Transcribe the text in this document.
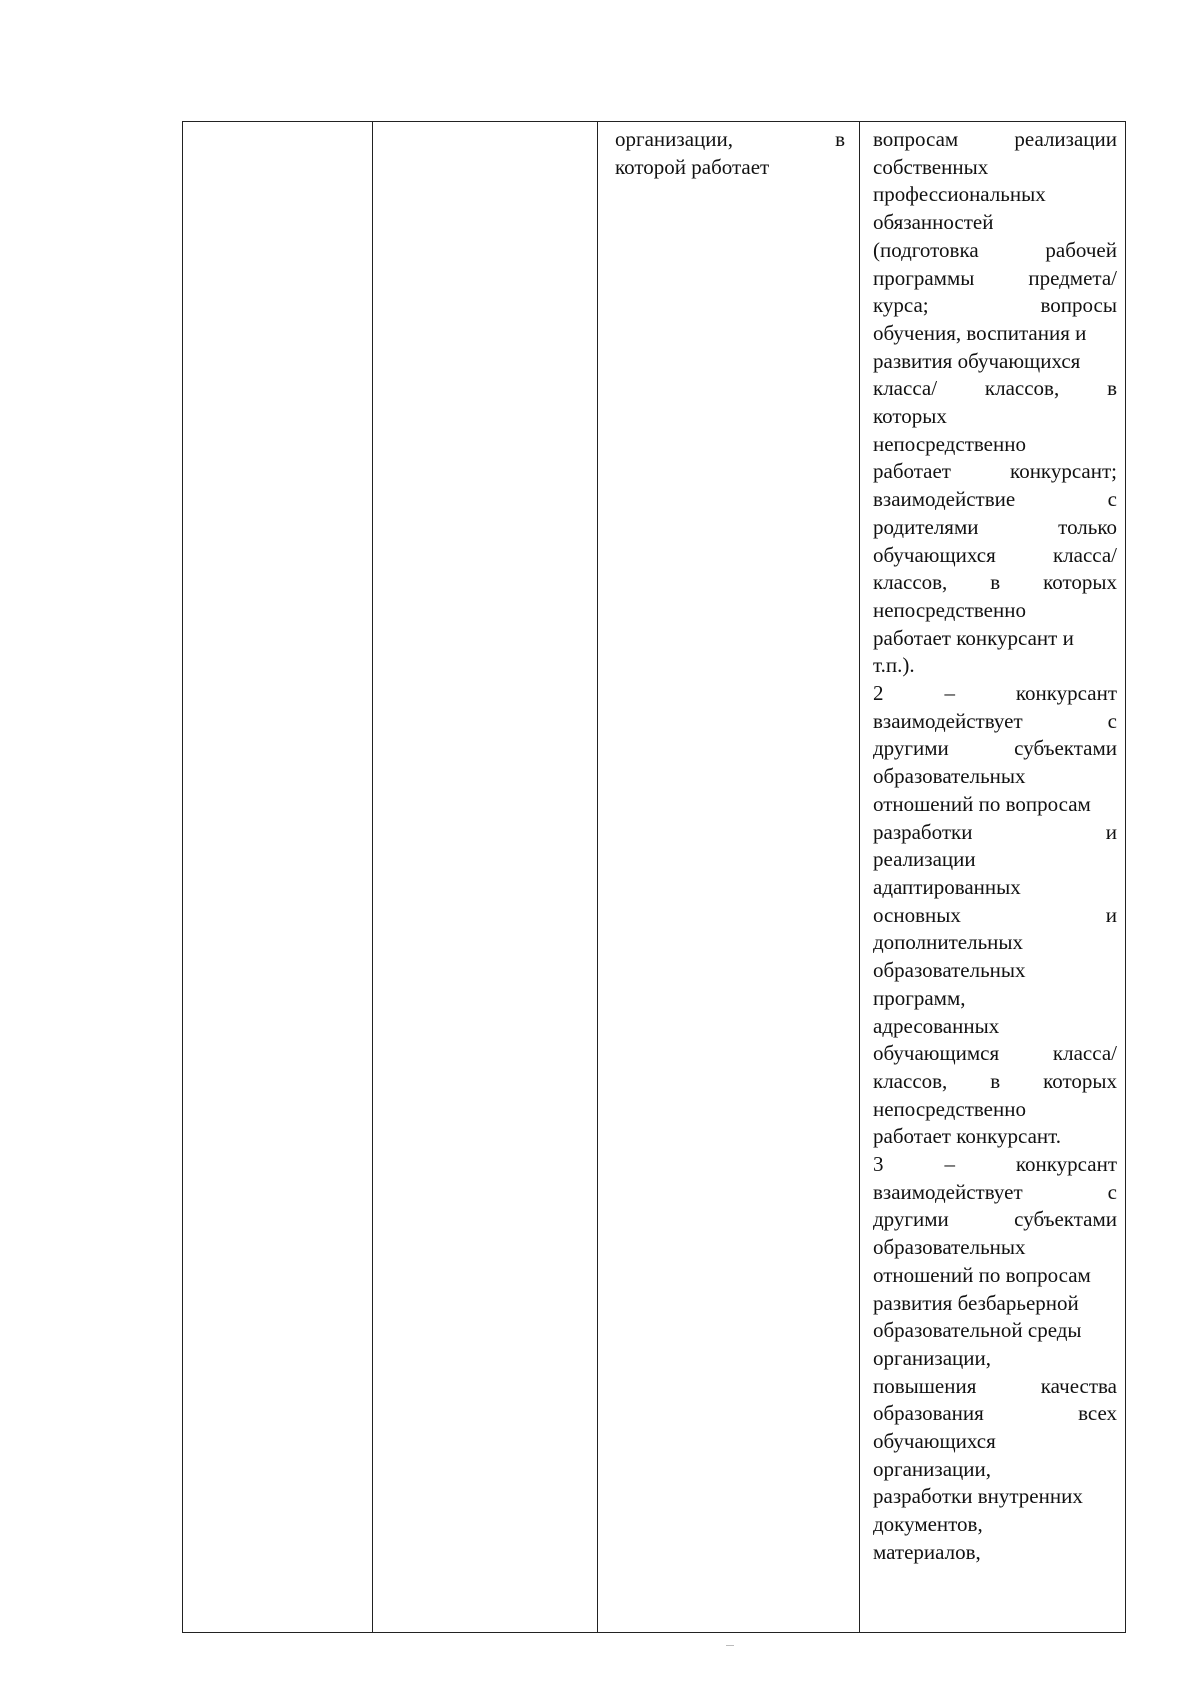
организации, в
которой работает
вопросам реализации
собственных
профессиональных
обязанностей
(подготовка рабочей
программы предмета/
курса; вопросы
обучения, воспитания и
развития обучающихся
класса/ классов, в
которых
непосредственно
работает конкурсант;
взаимодействие с
родителями только
обучающихся класса/
классов, в которых
непосредственно
работает конкурсант и
т.п.).
2 – конкурсант
взаимодействует с
другими субъектами
образовательных
отношений по вопросам
разработки и
реализации
адаптированных
основных и
дополнительных
образовательных
программ,
адресованных
обучающимся класса/
классов, в которых
непосредственно
работает конкурсант.
3 – конкурсант
взаимодействует с
другими субъектами
образовательных
отношений по вопросам
развития безбарьерной
образовательной среды
организации,
повышения качества
образования всех
обучающихся
организации,
разработки внутренних
документов,
материалов,
